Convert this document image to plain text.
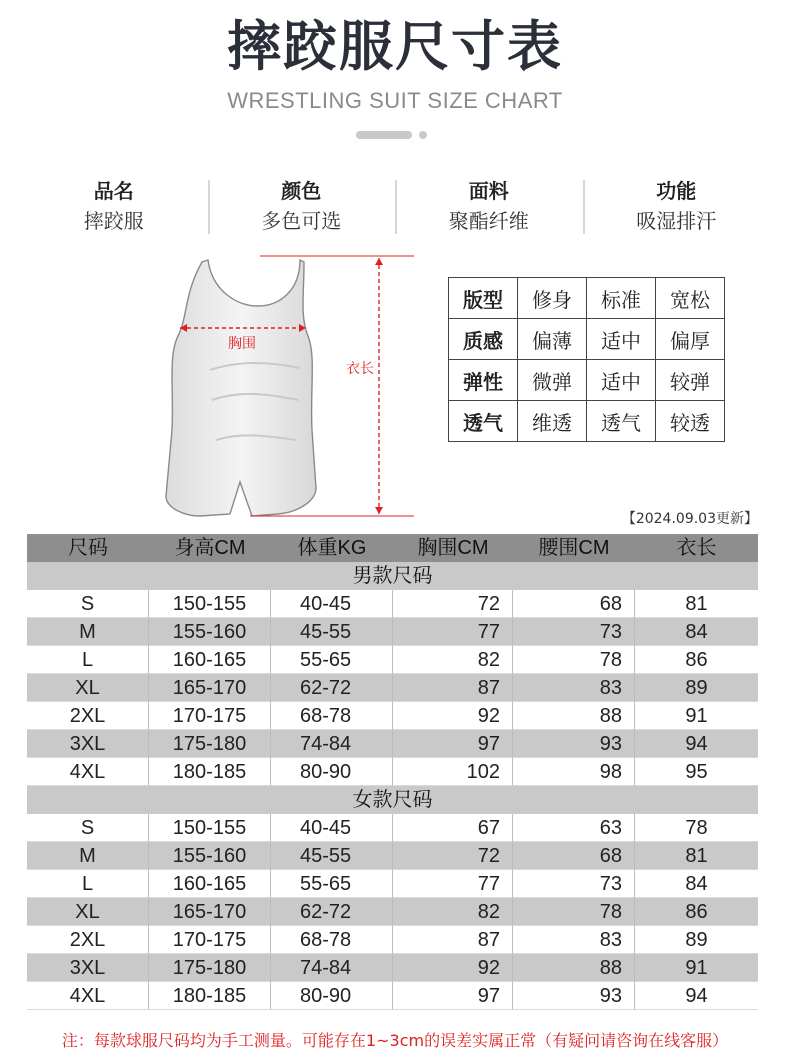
摔跤服尺寸表
WRESTLING SUIT SIZE CHART
品名
摔跤服
颜色
多色可选
面料
聚酯纤维
功能
吸湿排汗
胸围
衣长
版型	修身	标准	宽松
质感	偏薄	适中	偏厚
弹性	微弹	适中	较弹
透气	维透	透气	较透
【2024.09.03更新】
尺码	身高CM	体重KG	胸围CM	腰围CM	衣长
男款尺码
S	150-155	40-45	72	68	81
M	155-160	45-55	77	73	84
L	160-165	55-65	82	78	86
XL	165-170	62-72	87	83	89
2XL	170-175	68-78	92	88	91
3XL	175-180	74-84	97	93	94
4XL	180-185	80-90	102	98	95
女款尺码
S	150-155	40-45	67	63	78
M	155-160	45-55	72	68	81
L	160-165	55-65	77	73	84
XL	165-170	62-72	82	78	86
2XL	170-175	68-78	87	83	89
3XL	175-180	74-84	92	88	91
4XL	180-185	80-90	97	93	94
注：每款球服尺码均为手工测量。可能存在1~3cm的误差实属正常（有疑问请咨询在线客服）
